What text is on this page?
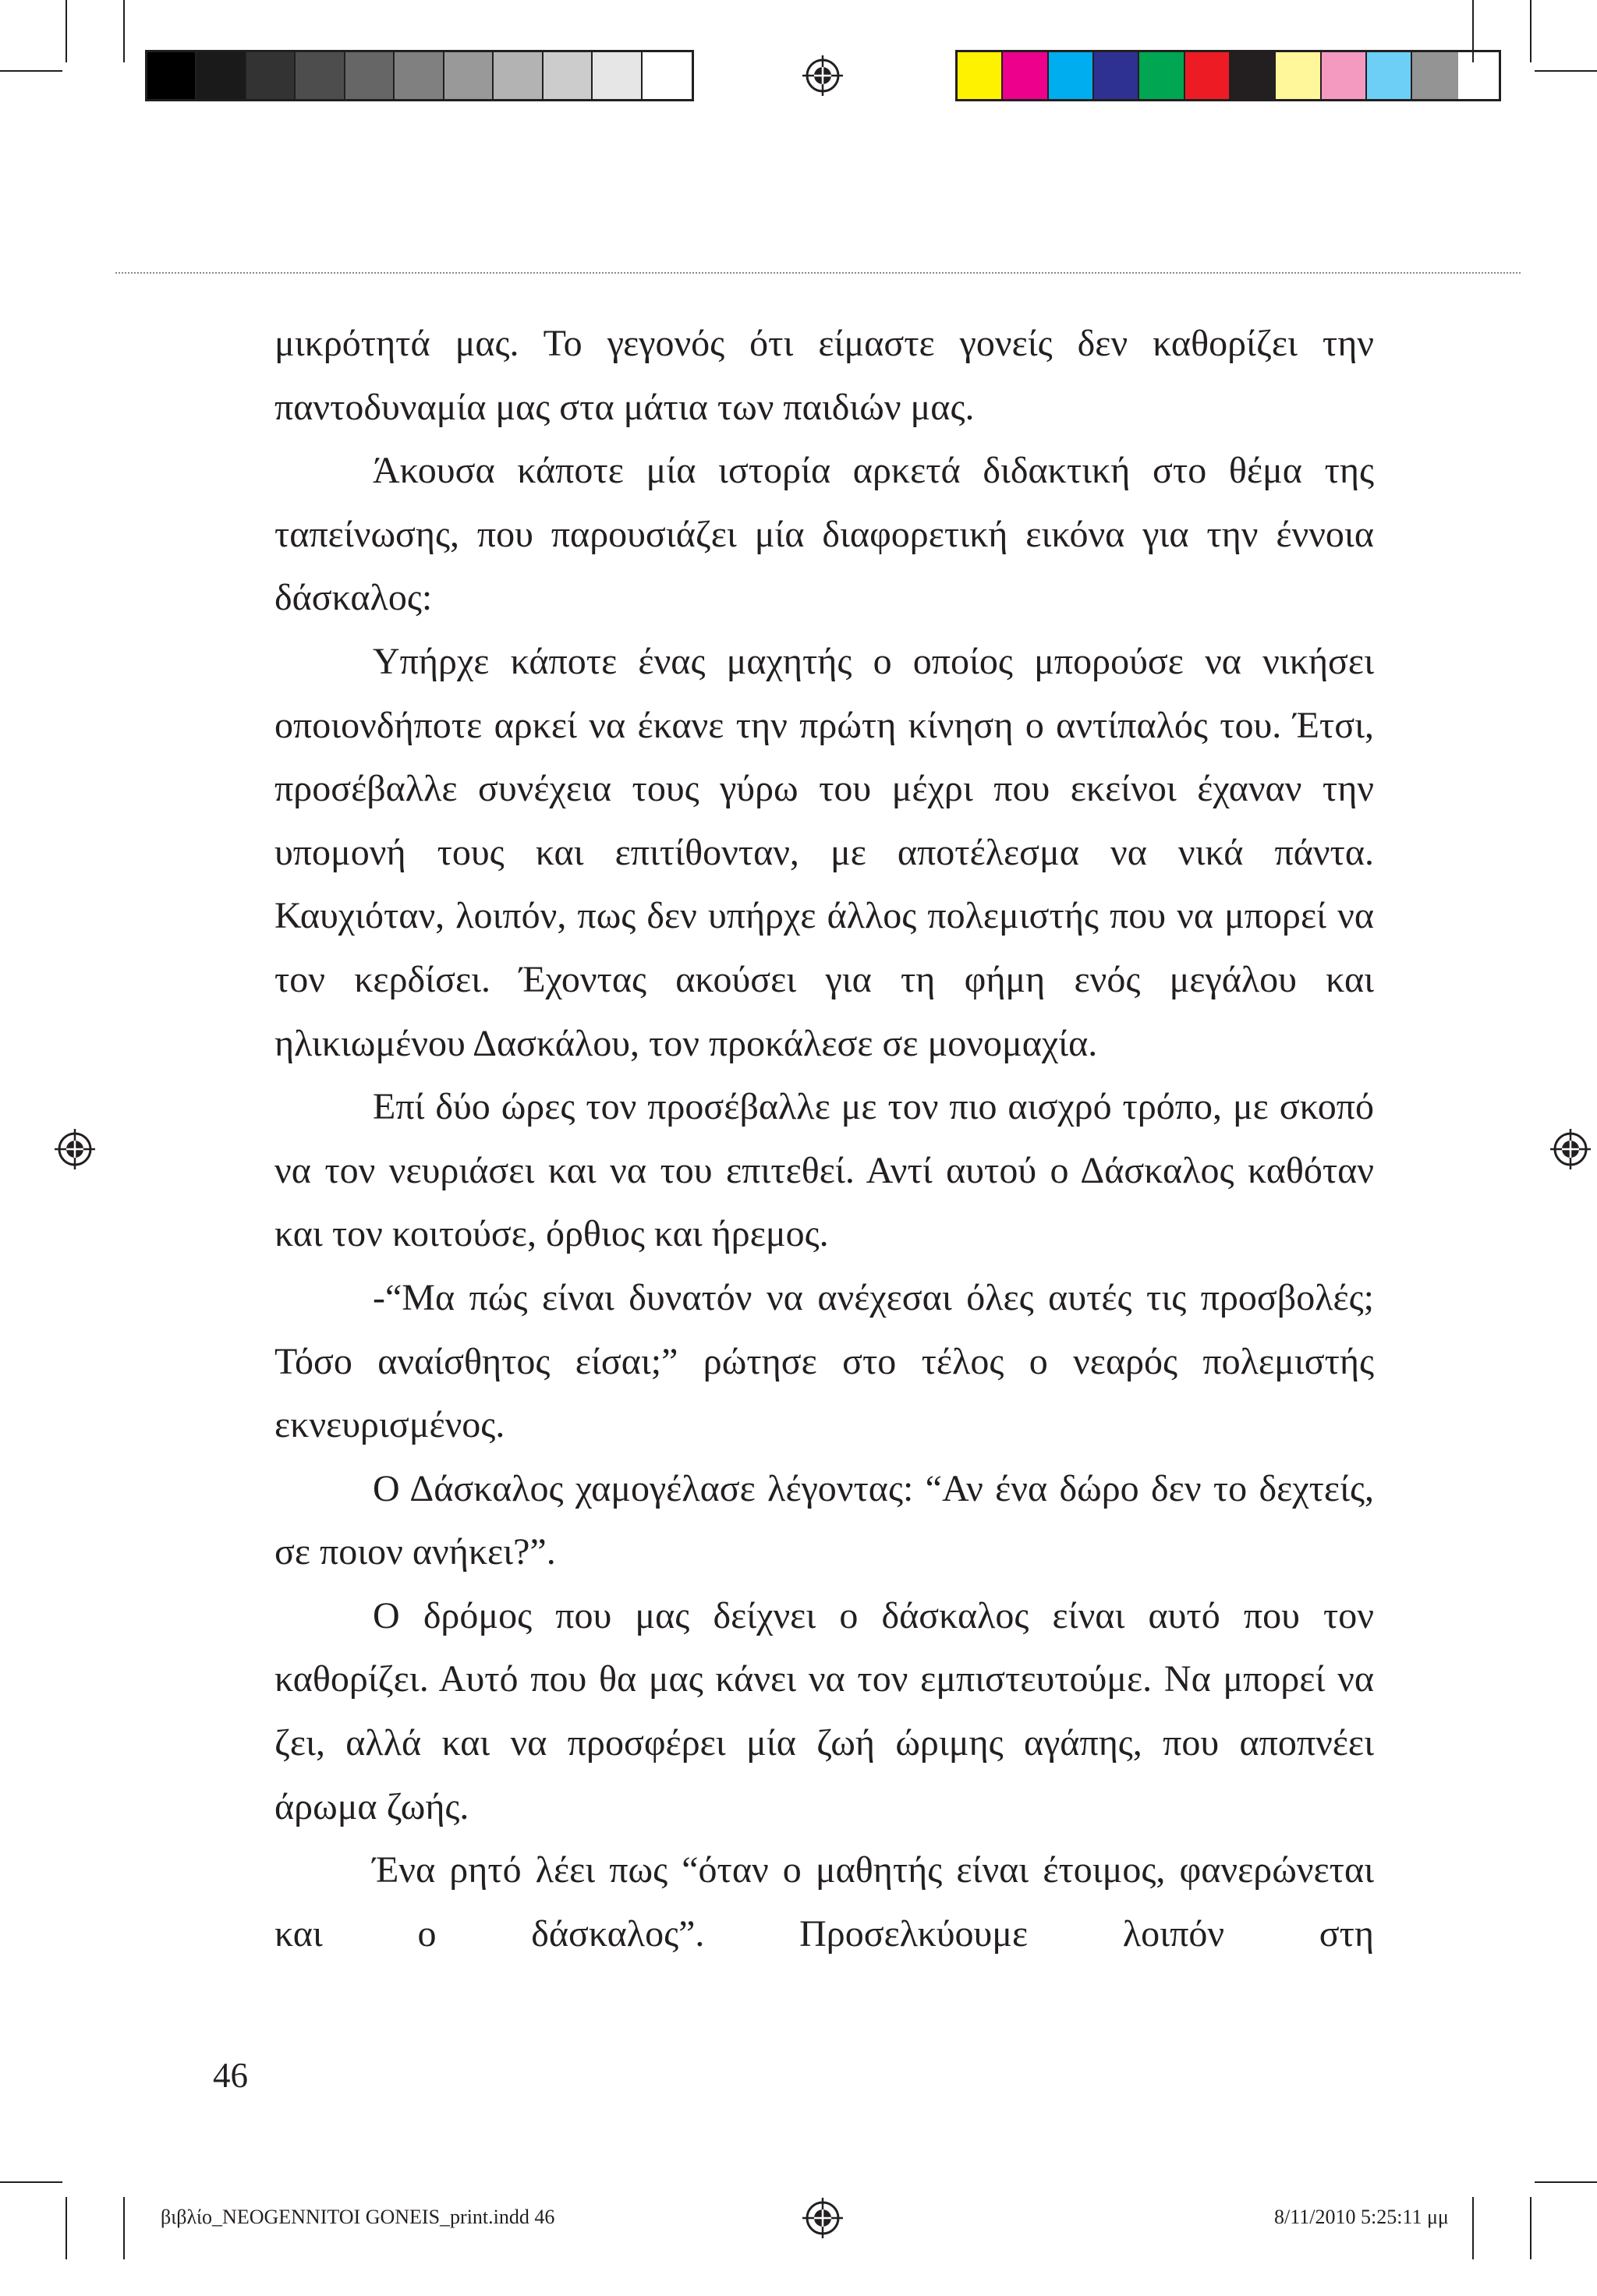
μικρότητά μας. Το γεγονός ότι είμαστε γονείς δεν καθορίζει την παντοδυναμία μας στα μάτια των παιδιών μας.

Άκουσα κάποτε μία ιστορία αρκετά διδακτική στο θέμα της ταπείνωσης, που παρουσιάζει μία διαφορετική εικόνα για την έννοια δάσκαλος:

Υπήρχε κάποτε ένας μαχητής ο οποίος μπορούσε να νικήσει οποιονδήποτε αρκεί να έκανε την πρώτη κίνηση ο αντίπαλός του. Έτσι, προσέβαλλε συνέχεια τους γύρω του μέχρι που εκείνοι έχαναν την υπομονή τους και επιτίθονταν, με αποτέλεσμα να νικά πάντα. Καυχιόταν, λοιπόν, πως δεν υπήρχε άλλος πολεμιστής που να μπορεί να τον κερδίσει. Έχοντας ακούσει για τη φήμη ενός μεγάλου και ηλικιωμένου Δασκάλου, τον προκάλεσε σε μονομαχία.

Επί δύο ώρες τον προσέβαλλε με τον πιο αισχρό τρόπο, με σκοπό να τον νευριάσει και να του επιτεθεί. Αντί αυτού ο Δάσκαλος καθόταν και τον κοιτούσε, όρθιος και ήρεμος.

-“Μα πώς είναι δυνατόν να ανέχεσαι όλες αυτές τις προσβολές; Τόσο αναίσθητος είσαι;” ρώτησε στο τέλος ο νεαρός πολεμιστής εκνευρισμένος.

Ο Δάσκαλος χαμογέλασε λέγοντας: “Αν ένα δώρο δεν το δεχτείς, σε ποιον ανήκει?”.

Ο δρόμος που μας δείχνει ο δάσκαλος είναι αυτό που τον καθορίζει. Αυτό που θα μας κάνει να τον εμπιστευτούμε. Να μπορεί να ζει, αλλά και να προσφέρει μία ζωή ώριμης αγάπης, που αποπνέει άρωμα ζωής.

Ένα ρητό λέει πως “όταν ο μαθητής είναι έτοιμος, φανερώνεται και ο δάσκαλος”. Προσελκύουμε λοιπόν στη

46
βιβλίο_NEOGENNITOI GONEIS_print.indd 46	8/11/2010 5:25:11 μμ
